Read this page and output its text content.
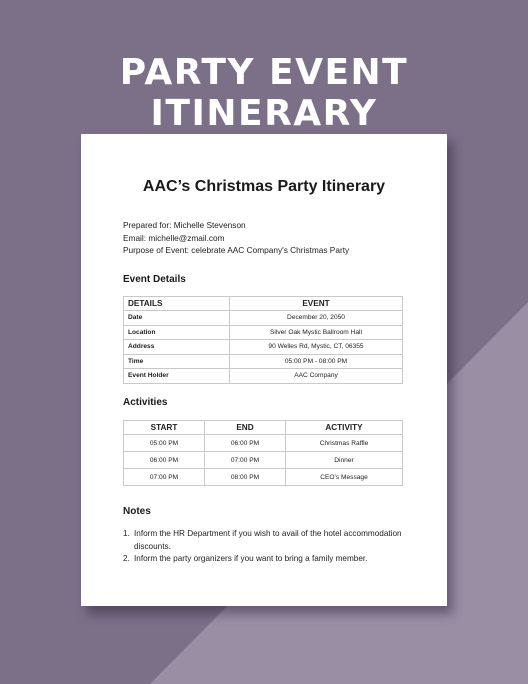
PARTY EVENT ITINERARY
AAC’s Christmas Party Itinerary
Prepared for: Michelle Stevenson
Email: michelle@zmail.com
Purpose of Event: celebrate AAC Company's Christmas Party
Event Details
DETAILS	EVENT
Date	December 20, 2050
Location	Silver Oak Mystic Ballroom Hall
Address	90 Welles Rd, Mystic, CT, 06355
Time	05:00 PM - 08:00 PM
Event Holder	AAC Company
Activities
START	END	ACTIVITY
05:00 PM	06:00 PM	Christmas Raffle
06:00 PM	07:00 PM	Dinner
07:00 PM	08:00 PM	CEO’s Message
Notes
1. Inform the HR Department if you wish to avail of the hotel accommodation discounts.
2. Inform the party organizers if you want to bring a family member.
